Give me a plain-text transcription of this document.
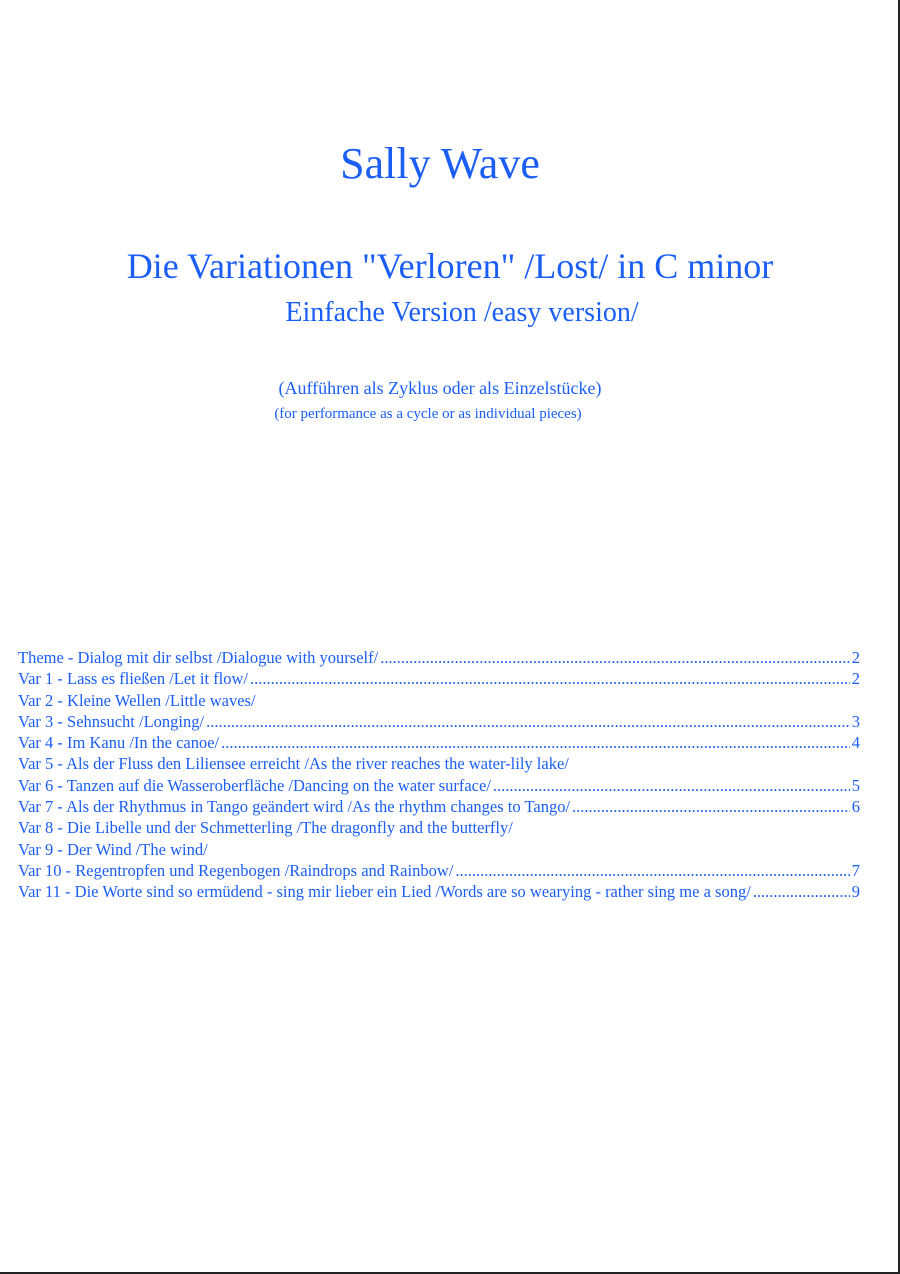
Sally Wave
Die Variationen "Verloren" /Lost/ in C minor
Einfache Version /easy version/
(Aufführen als Zyklus oder als Einzelstücke)
(for performance as a cycle or as individual pieces)
Theme - Dialog mit dir selbst /Dialogue with yourself/ .....	2
Var 1 - Lass es fließen /Let it flow/ .....	2
Var 2 - Kleine Wellen /Little waves/
Var 3 - Sehnsucht /Longing/ .....	3
Var 4 - Im Kanu /In the canoe/ .....	4
Var 5 - Als der Fluss den Liliensee erreicht /As the river reaches the water-lily lake/
Var 6 - Tanzen auf die Wasseroberfläche /Dancing on the water surface/ .....	5
Var 7 - Als der Rhythmus in Tango geändert wird /As the rhythm changes to Tango/ .....	6
Var 8 - Die Libelle und der Schmetterling /The dragonfly and the butterfly/
Var 9 - Der Wind /The wind/
Var 10 - Regentropfen und Regenbogen /Raindrops and Rainbow/ .....	7
Var 11 - Die Worte sind so ermüdend - sing mir lieber ein Lied /Words are so wearying - rather sing me a song/ .....	9
